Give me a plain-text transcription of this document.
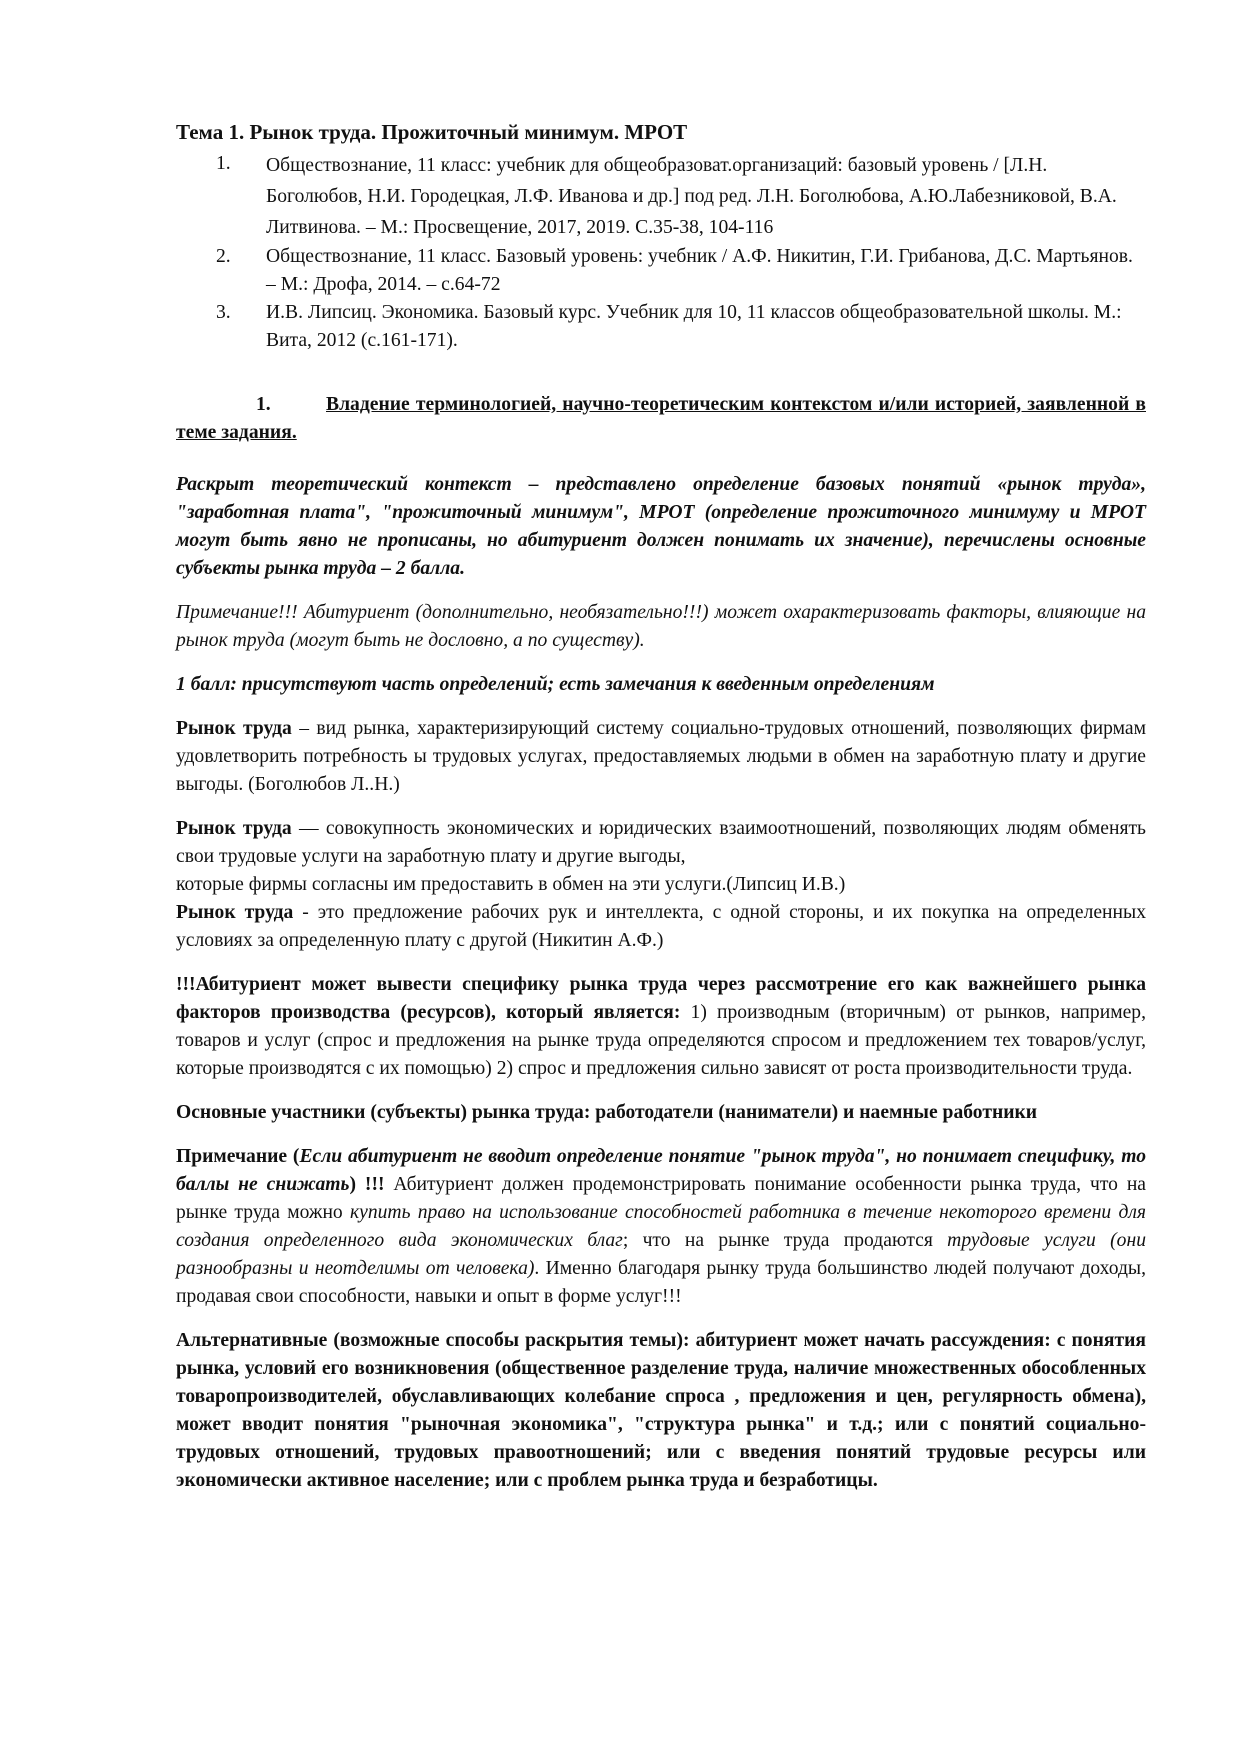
Тема 1. Рынок труда. Прожиточный минимум. МРОТ

1.	Обществознание, 11 класс: учебник для общеобразоват.организаций: базовый уровень / [Л.Н. Боголюбов, Н.И. Городецкая, Л.Ф. Иванова и др.] под ред. Л.Н. Боголюбова, А.Ю.Лабезниковой, В.А. Литвинова. – М.: Просвещение, 2017, 2019. С.35-38, 104-116
2.	Обществознание, 11 класс. Базовый уровень: учебник / А.Ф. Никитин, Г.И. Грибанова, Д.С. Мартьянов. – М.: Дрофа, 2014. – с.64-72
3.	И.В. Липсиц. Экономика. Базовый курс. Учебник для 10, 11 классов общеобразовательной школы. М.: Вита, 2012 (с.161-171).

1.	Владение терминологией, научно-теоретическим контекстом и/или историей, заявленной в теме задания.

Раскрыт теоретический контекст – представлено определение базовых понятий «рынок труда», "заработная плата", "прожиточный минимум", МРОТ (определение прожиточного минимуму и МРОТ могут быть явно не прописаны, но абитуриент должен понимать их значение), перечислены основные субъекты рынка труда – 2 балла.

Примечание!!! Абитуриент (дополнительно, необязательно!!!) может охарактеризовать факторы, влияющие на рынок труда (могут быть не дословно, а по существу).

1 балл: присутствуют часть определений; есть замечания к введенным определениям

Рынок труда – вид рынка, характеризирующий систему социально-трудовых отношений, позволяющих фирмам удовлетворить потребность ы трудовых услугах, предоставляемых людьми в обмен на заработную плату и другие выгоды. (Боголюбов Л..Н.)

Рынок труда — совокупность экономических и юридических взаимоотношений, позволяющих людям обменять свои трудовые услуги на заработную плату и другие выгоды,
которые фирмы согласны им предоставить в обмен на эти услуги.(Липсиц И.В.)

Рынок труда - это предложение рабочих рук и интеллекта, с одной стороны, и их покупка на определенных условиях за определенную плату с другой (Никитин А.Ф.)

!!!Абитуриент может вывести специфику рынка труда через рассмотрение его как важнейшего рынка факторов производства (ресурсов), который является: 1) производным (вторичным) от рынков, например, товаров и услуг (спрос и предложения на рынке труда определяются спросом и предложением тех товаров/услуг, которые производятся с их помощью) 2) спрос и предложения сильно зависят от роста производительности труда.

Основные участники (субъекты) рынка труда: работодатели (наниматели) и наемные работники

Примечание (Если абитуриент не вводит определение понятие "рынок труда", но понимает специфику, то баллы не снижать) !!! Абитуриент должен продемонстрировать понимание особенности рынка труда, что на рынке труда можно купить право на использование способностей работника в течение некоторого времени для создания определенного вида экономических благ; что на рынке труда продаются трудовые услуги (они разнообразны и неотделимы от человека). Именно благодаря рынку труда большинство людей получают доходы, продавая свои способности, навыки и опыт в форме услуг!!!

Альтернативные (возможные способы раскрытия темы): абитуриент может начать рассуждения: с понятия рынка, условий его возникновения (общественное разделение труда, наличие множественных обособленных товаропроизводителей, обуславливающих колебание спроса , предложения и цен, регулярность обмена), может вводит понятия "рыночная экономика", "структура рынка" и т.д.; или с понятий социально-трудовых отношений, трудовых правоотношений; или с введения понятий трудовые ресурсы или экономически активное население; или с проблем рынка труда и безработицы.
